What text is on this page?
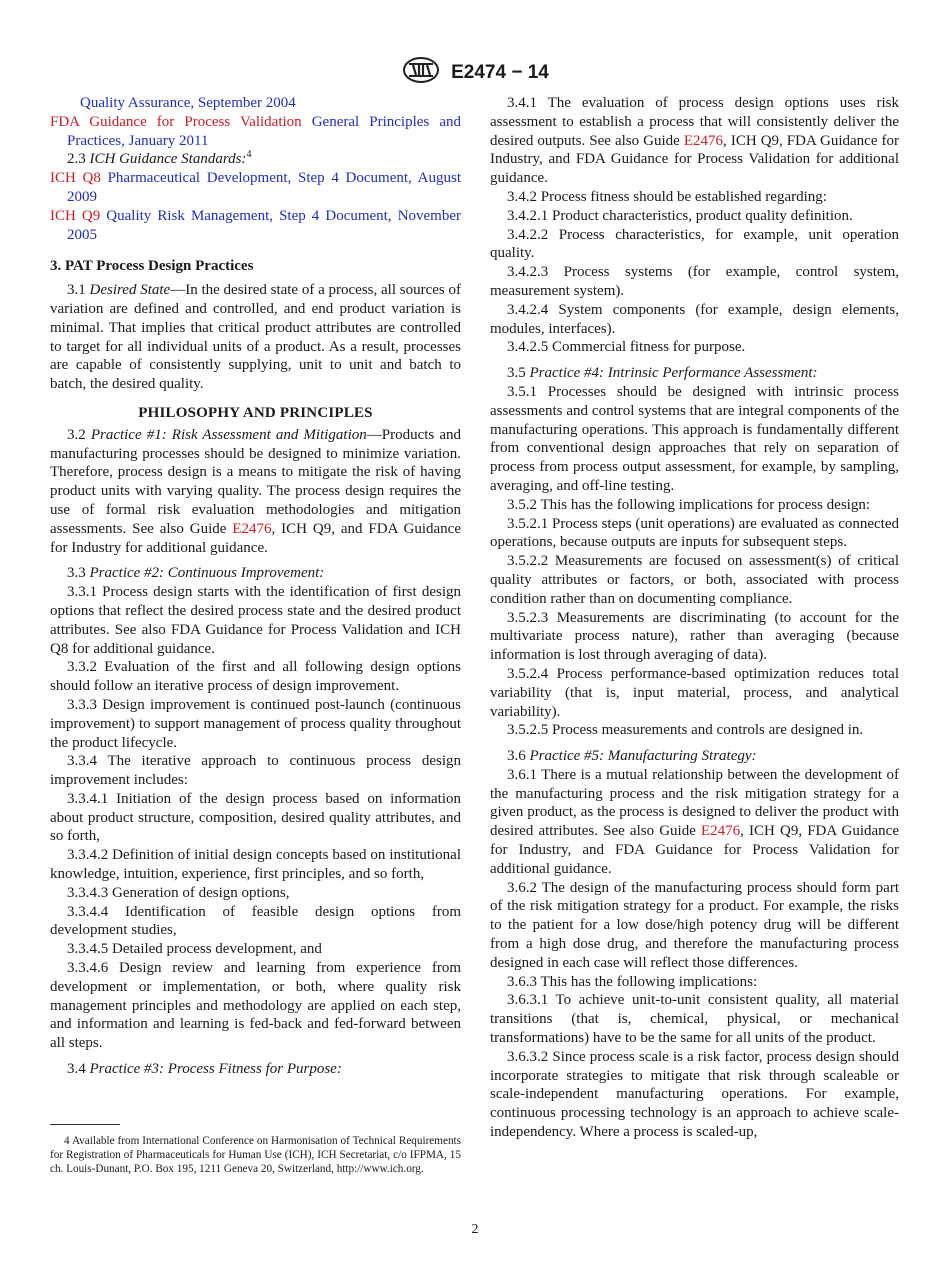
E2474 − 14

Quality Assurance, September 2004

FDA Guidance for Process Validation General Principles and Practices, January 2011

2.3 ICH Guidance Standards:$^4$

ICH Q8 Pharmaceutical Development, Step 4 Document, August 2009

ICH Q9 Quality Risk Management, Step 4 Document, November 2005

3. PAT Process Design Practices

3.1 Desired State—In the desired state of a process, all sources of variation are defined and controlled, and end product variation is minimal. That implies that critical product attributes are controlled to target for all individual units of a product. As a result, processes are capable of consistently supplying, unit to unit and batch to batch, the desired quality.

PHILOSOPHY AND PRINCIPLES

3.2 Practice #1: Risk Assessment and Mitigation—Products and manufacturing processes should be designed to minimize variation. Therefore, process design is a means to mitigate the risk of having product units with varying quality. The process design requires the use of formal risk evaluation methodologies and mitigation assessments. See also Guide E2476, ICH Q9, and FDA Guidance for Industry for additional guidance.

3.3 Practice #2: Continuous Improvement:

3.3.1 Process design starts with the identification of first design options that reflect the desired process state and the desired product attributes. See also FDA Guidance for Process Validation and ICH Q8 for additional guidance.

3.3.2 Evaluation of the first and all following design options should follow an iterative process of design improvement.

3.3.3 Design improvement is continued post-launch (continuous improvement) to support management of process quality throughout the product lifecycle.

3.3.4 The iterative approach to continuous process design improvement includes:

3.3.4.1 Initiation of the design process based on information about product structure, composition, desired quality attributes, and so forth,

3.3.4.2 Definition of initial design concepts based on institutional knowledge, intuition, experience, first principles, and so forth,

3.3.4.3 Generation of design options,

3.3.4.4 Identification of feasible design options from development studies,

3.3.4.5 Detailed process development, and

3.3.4.6 Design review and learning from experience from development or implementation, or both, where quality risk management principles and methodology are applied on each step, and information and learning is fed-back and fed-forward between all steps.

3.4 Practice #3: Process Fitness for Purpose:

3.4.1 The evaluation of process design options uses risk assessment to establish a process that will consistently deliver the desired outputs. See also Guide E2476, ICH Q9, FDA Guidance for Industry, and FDA Guidance for Process Validation for additional guidance.

3.4.2 Process fitness should be established regarding:

3.4.2.1 Product characteristics, product quality definition.

3.4.2.2 Process characteristics, for example, unit operation quality.

3.4.2.3 Process systems (for example, control system, measurement system).

3.4.2.4 System components (for example, design elements, modules, interfaces).

3.4.2.5 Commercial fitness for purpose.

3.5 Practice #4: Intrinsic Performance Assessment:

3.5.1 Processes should be designed with intrinsic process assessments and control systems that are integral components of the manufacturing operations. This approach is fundamentally different from conventional design approaches that rely on separation of process from process output assessment, for example, by sampling, averaging, and off-line testing.

3.5.2 This has the following implications for process design:

3.5.2.1 Process steps (unit operations) are evaluated as connected operations, because outputs are inputs for subsequent steps.

3.5.2.2 Measurements are focused on assessment(s) of critical quality attributes or factors, or both, associated with process condition rather than on documenting compliance.

3.5.2.3 Measurements are discriminating (to account for the multivariate process nature), rather than averaging (because information is lost through averaging of data).

3.5.2.4 Process performance-based optimization reduces total variability (that is, input material, process, and analytical variability).

3.5.2.5 Process measurements and controls are designed in.

3.6 Practice #5: Manufacturing Strategy:

3.6.1 There is a mutual relationship between the development of the manufacturing process and the risk mitigation strategy for a given product, as the process is designed to deliver the product with desired attributes. See also Guide E2476, ICH Q9, FDA Guidance for Industry, and FDA Guidance for Process Validation for additional guidance.

3.6.2 The design of the manufacturing process should form part of the risk mitigation strategy for a product. For example, the risks to the patient for a low dose/high potency drug will be different from a high dose drug, and therefore the manufacturing process designed in each case will reflect those differences.

3.6.3 This has the following implications:

3.6.3.1 To achieve unit-to-unit consistent quality, all material transitions (that is, chemical, physical, or mechanical transformations) have to be the same for all units of the product.

3.6.3.2 Since process scale is a risk factor, process design should incorporate strategies to mitigate that risk through scaleable or scale-independent manufacturing operations. For example, continuous processing technology is an approach to achieve scale-independency. Where a process is scaled-up,

4 Available from International Conference on Harmonisation of Technical Requirements for Registration of Pharmaceuticals for Human Use (ICH), ICH Secretariat, c/o IFPMA, 15 ch. Louis-Dunant, P.O. Box 195, 1211 Geneva 20, Switzerland, http://www.ich.org.

2
